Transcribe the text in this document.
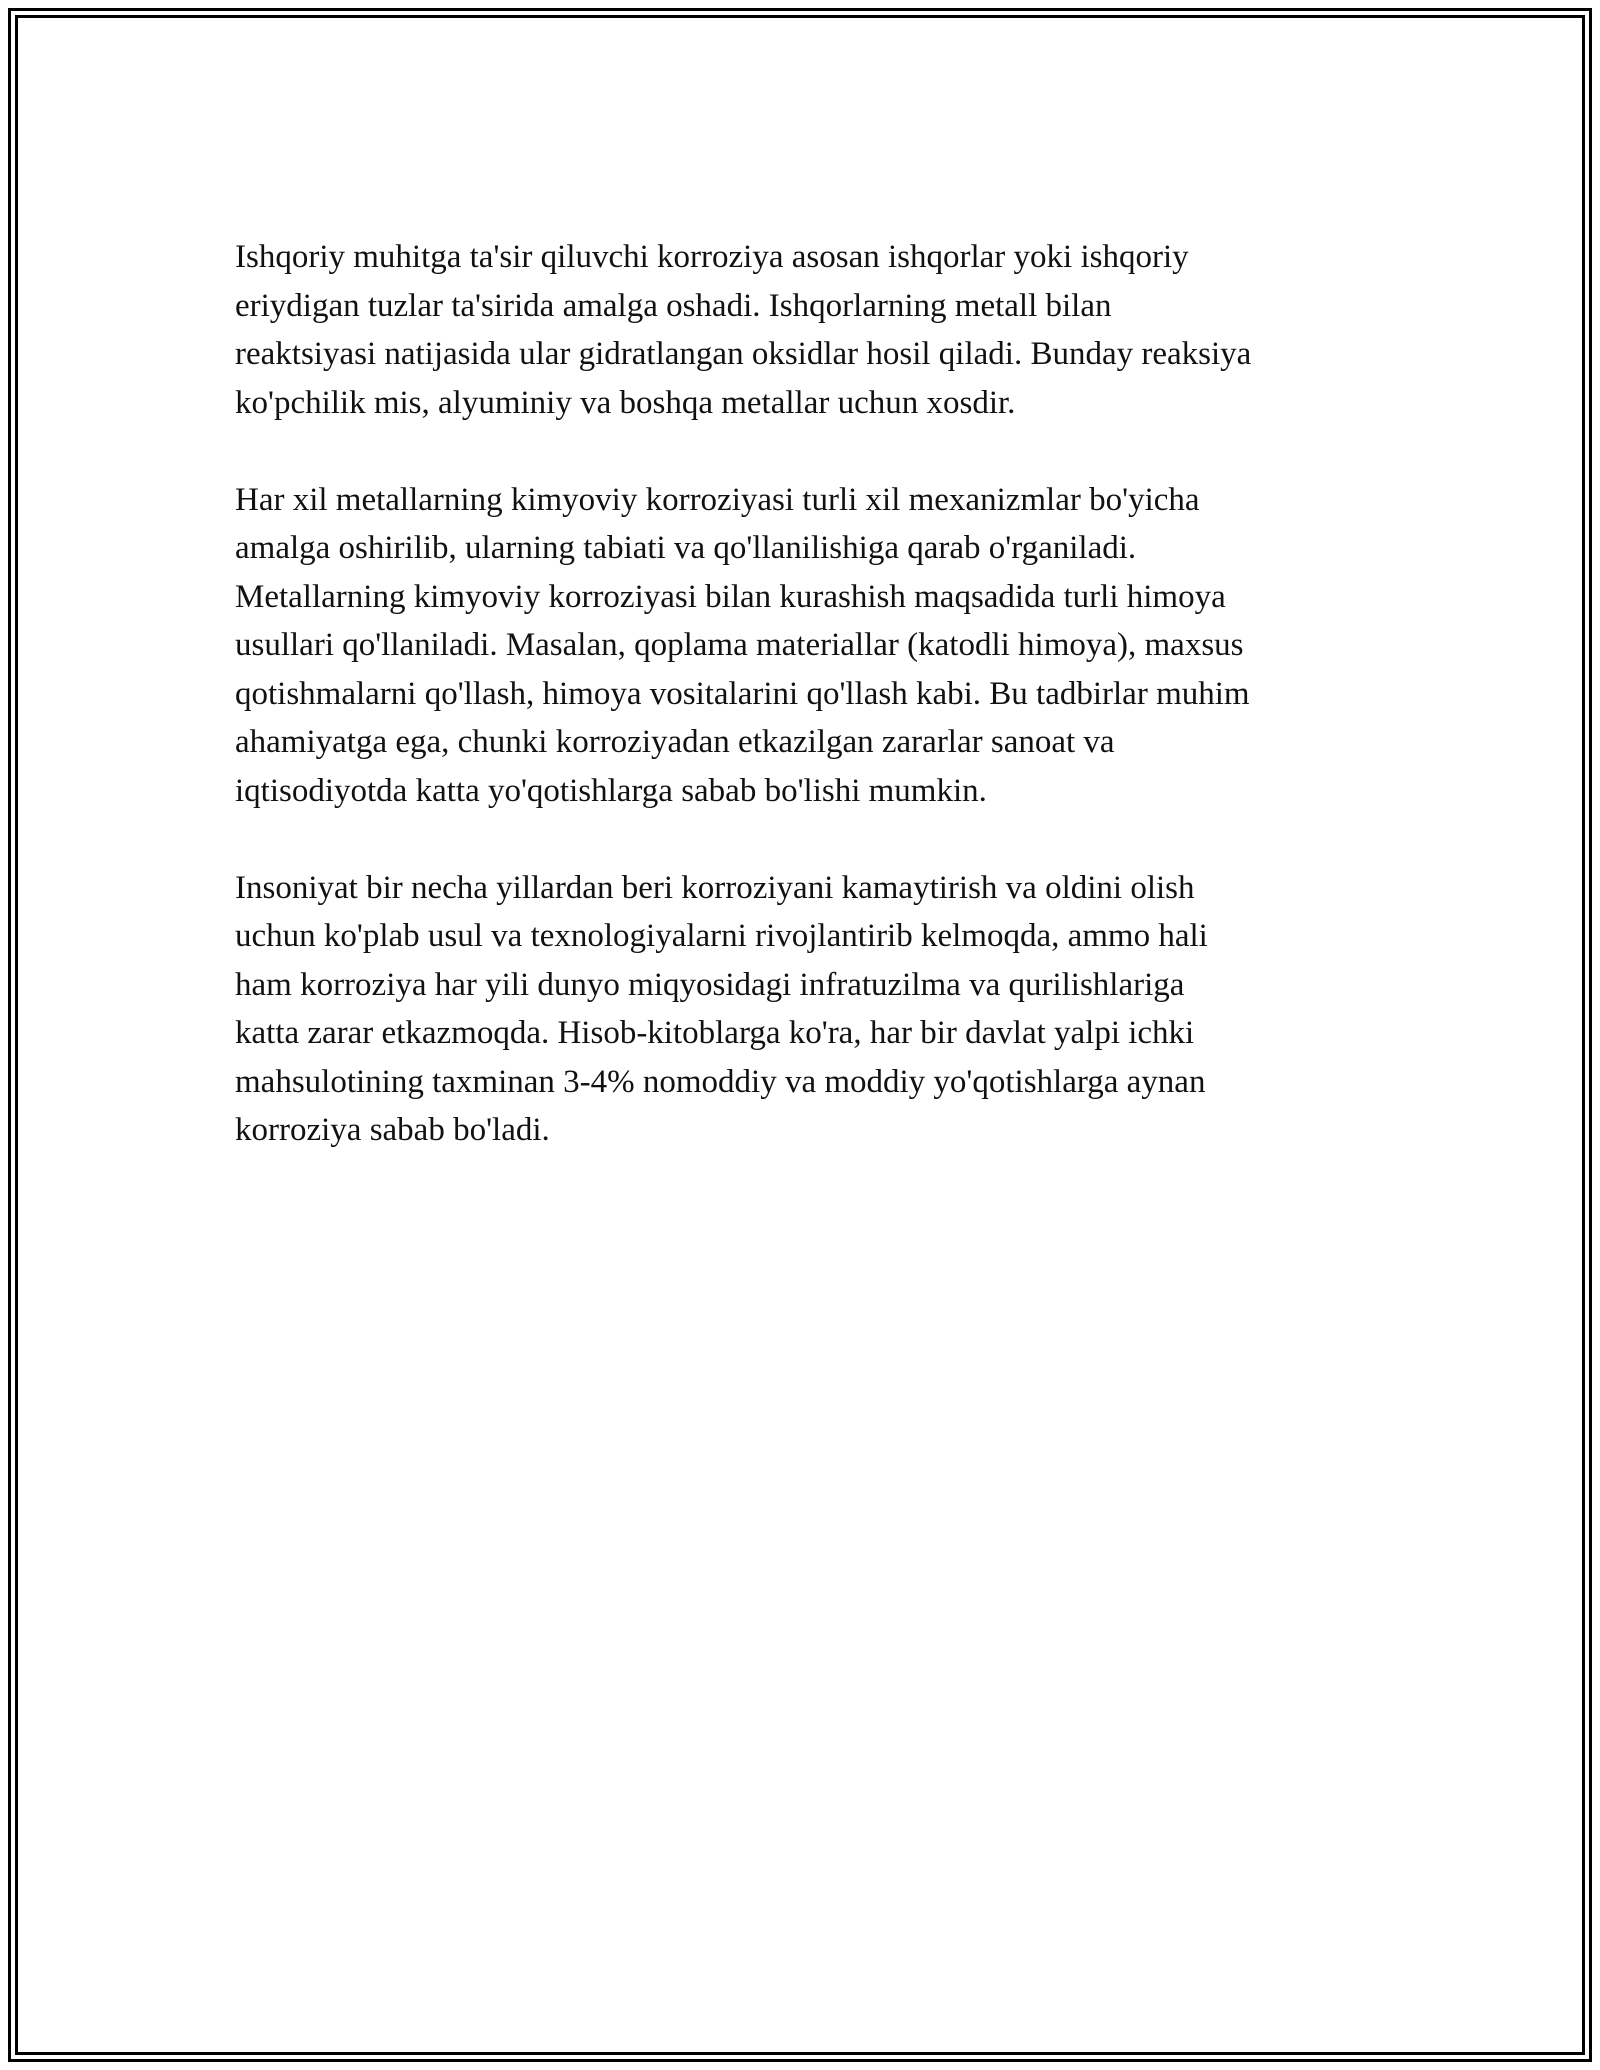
Ishqoriy muhitga ta'sir qiluvchi korroziya asosan ishqorlar yoki ishqoriy
eriydigan tuzlar ta'sirida amalga oshadi. Ishqorlarning metall bilan
reaktsiyasi natijasida ular gidratlangan oksidlar hosil qiladi. Bunday reaksiya
ko'pchilik mis, alyuminiy va boshqa metallar uchun xosdir.

Har xil metallarning kimyoviy korroziyasi turli xil mexanizmlar bo'yicha
amalga oshirilib, ularning tabiati va qo'llanilishiga qarab o'rganiladi.
Metallarning kimyoviy korroziyasi bilan kurashish maqsadida turli himoya
usullari qo'llaniladi. Masalan, qoplama materiallar (katodli himoya), maxsus
qotishmalarni qo'llash, himoya vositalarini qo'llash kabi. Bu tadbirlar muhim
ahamiyatga ega, chunki korroziyadan etkazilgan zararlar sanoat va
iqtisodiyotda katta yo'qotishlarga sabab bo'lishi mumkin.

Insoniyat bir necha yillardan beri korroziyani kamaytirish va oldini olish
uchun ko'plab usul va texnologiyalarni rivojlantirib kelmoqda, ammo hali
ham korroziya har yili dunyo miqyosidagi infratuzilma va qurilishlariga
katta zarar etkazmoqda. Hisob-kitoblarga ko'ra, har bir davlat yalpi ichki
mahsulotining taxminan 3-4% nomoddiy va moddiy yo'qotishlarga aynan
korroziya sabab bo'ladi.
